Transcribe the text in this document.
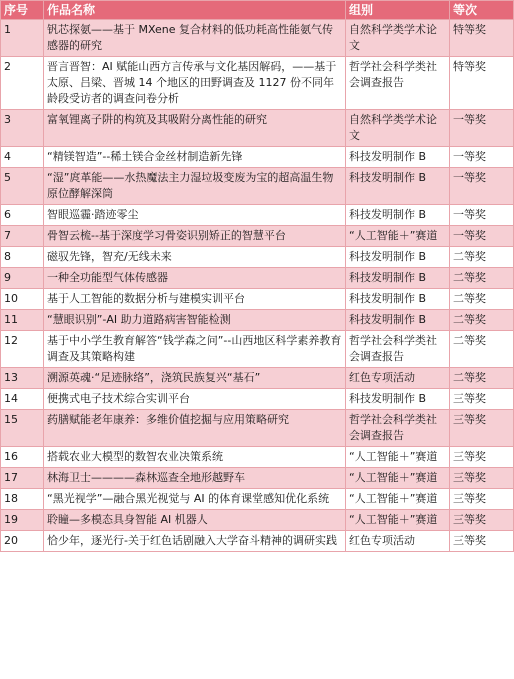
序号	作品名称	组别	等次
1	钒芯探氨——基于 MXene 复合材料的低功耗高性能氨气传感器的研究	自然科学类学术论文	特等奖
2	晋言晋智：AI 赋能山西方言传承与文化基因解码，——基于太原、吕梁、晋城 14 个地区的田野调查及 1127 份不同年龄段受访者的调查问卷分析	哲学社会科学类社会调查报告	特等奖
3	富氧锂离子阱的构筑及其吸附分离性能的研究	自然科学类学术论文	一等奖
4	“精镁智造”--稀土镁合金丝材制造新先锋	科技发明制作 B	一等奖
5	“湿”庹革能——水热魔法主力湿垃圾变废为宝的超高温生物原位酵解深筒	科技发明制作 B	一等奖
6	智眼巡霾·踏迹零尘	科技发明制作 B	一等奖
7	骨智云梳--基于深度学习骨姿识别矫正的智慧平台	“人工智能＋”赛道	一等奖
8	磁驭先锋，智充/无线未来	科技发明制作 B	二等奖
9	一种全功能型气体传感器	科技发明制作 B	二等奖
10	基于人工智能的数据分析与建模实训平台	科技发明制作 B	二等奖
11	“慧眼识别”-AI 助力道路病害智能检测	科技发明制作 B	二等奖
12	基于中小学生教育解答“钱学森之问”--山西地区科学素养教育调查及其策略构建	哲学社会科学类社会调查报告	二等奖
13	溯源英魂·“足迹脉络”，浇筑民族复兴“基石”	红色专项活动	二等奖
14	便携式电子技术综合实训平台	科技发明制作 B	三等奖
15	药膳赋能老年康养：多维价值挖掘与应用策略研究	哲学社会科学类社会调查报告	三等奖
16	搭载农业大模型的数智农业决策系统	“人工智能＋”赛道	三等奖
17	林海卫士————森林巡查全地形越野车	“人工智能＋”赛道	三等奖
18	“黑光视学”—融合黑光视觉与 AI 的体育课堂感知优化系统	“人工智能＋”赛道	三等奖
19	聆瞳—多模态具身智能 AI 机器人	“人工智能＋”赛道	三等奖
20	恰少年，逐光行-关于红色话剧融入大学奋斗精神的调研实践	红色专项活动	三等奖
